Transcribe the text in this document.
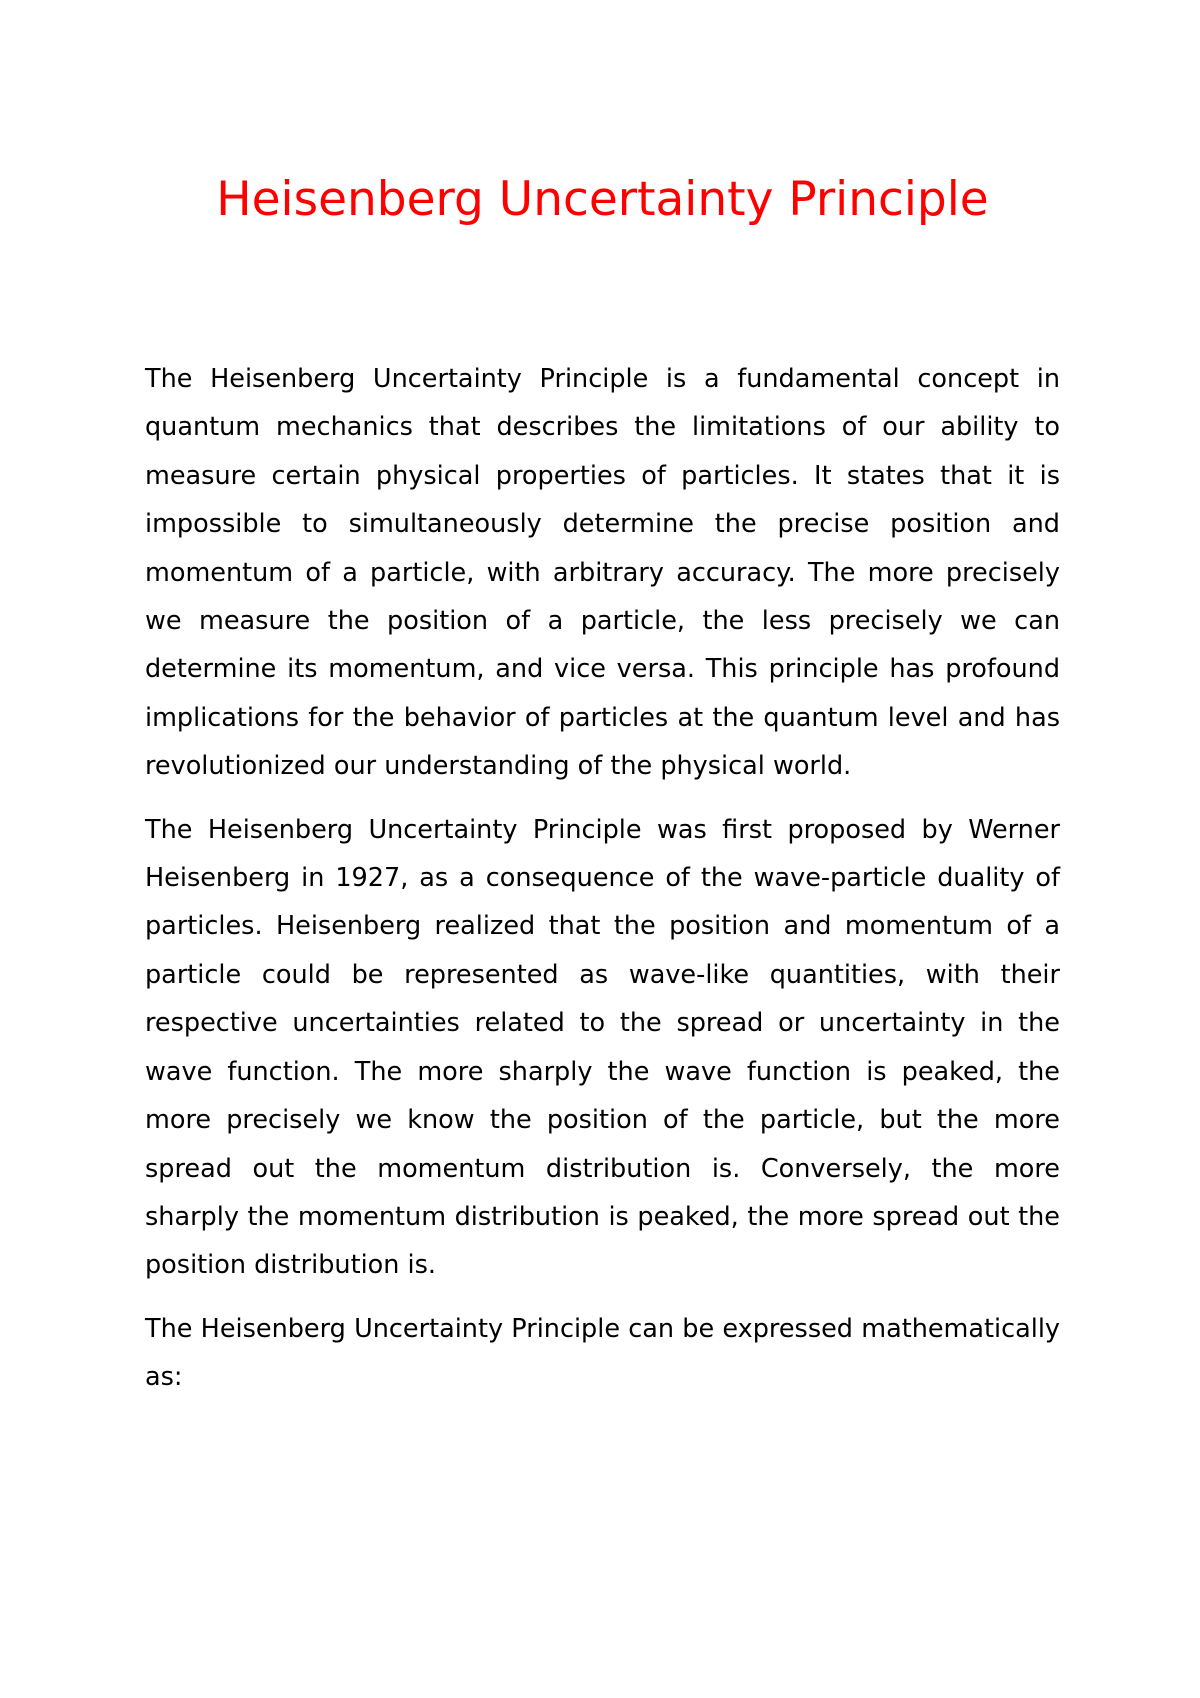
Heisenberg Uncertainty Principle

The Heisenberg Uncertainty Principle is a fundamental concept in quantum mechanics that describes the limitations of our ability to measure certain physical properties of particles. It states that it is impossible to simultaneously determine the precise position and momentum of a particle, with arbitrary accuracy. The more precisely we measure the position of a particle, the less precisely we can determine its momentum, and vice versa. This principle has profound implications for the behavior of particles at the quantum level and has revolutionized our understanding of the physical world.

The Heisenberg Uncertainty Principle was first proposed by Werner Heisenberg in 1927, as a consequence of the wave-particle duality of particles. Heisenberg realized that the position and momentum of a particle could be represented as wave-like quantities, with their respective uncertainties related to the spread or uncertainty in the wave function. The more sharply the wave function is peaked, the more precisely we know the position of the particle, but the more spread out the momentum distribution is. Conversely, the more sharply the momentum distribution is peaked, the more spread out the position distribution is.

The Heisenberg Uncertainty Principle can be expressed mathematically as:
